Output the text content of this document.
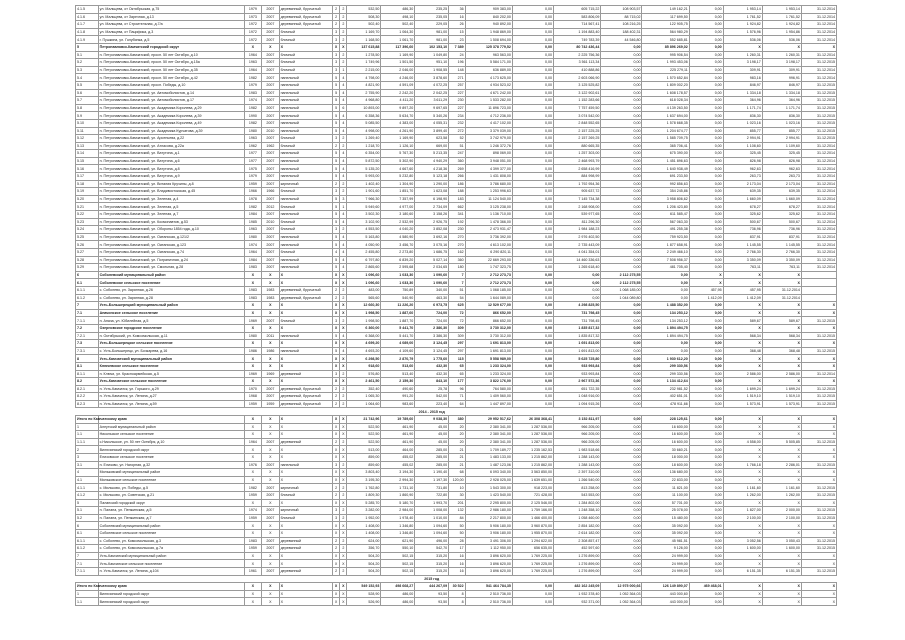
4.1.5	ул. Мальцева, от Октябрьская, д.75	1979	2007	деревянный, брусчатый	2	2	532,50	486,30	235,25	36	909 383,00	0,00	605 715,22	108 903,57	149 162,21	0,00	1 953,14	1 953,14	31.12.2014
4.1.6	ул. Мальцева, от Заречная, д.13	1973	2007	деревянный, брусчатый	2	2	508,30	498,10	235,05	16	840 202,00	0,00	583 806,09	88 715,02	117 699,50	0,00	1 761,52	1 761,52	31.12.2014
4.1.7	ул. Мальцева, от Строительная, д.7/а	1972	2007	деревянный, брусчатый	2	2	502,40	502,40	229,05	26	940 892,00	0,00	714 567,41	108 216,25	122 905,75	0,00	1 924,82	1 924,82	31.12.2014
4.1.8	ул. Мальцева, от Пацифика, д.3	1972	2007	блочный	3	2	1 169,70	1 064,30	981,00	15	1 948 869,00	0,00	1 194 883,40	188 402,31	564 980,29	0,00	1 576,96	1 954,86	31.12.2014
4.1.9	г. Пушкина, ул. Голубянка, д.5	1972	2007	блочный	3	2	1 168,50	1 061,70	981,00	23	1 508 694,00	0,00	749 783,39	44 546,80	552 685,81	0,00	536,06	536,06	31.12.2014
5	Петропавловск-Камчатский городской округ	X	X	X	X	X	137 615,88	117 396,60	102 153,10	7 389	125 378 779,52	0,00	80 742 436,44	0,00	85 896 269,02	0,00	X	X	X
5.1	п. Петропавловск-Камчатский, просп. 50 лет Октября, д.10	1964	2007	блочный	3	2	1 278,50	1 169,90	1 049,80	24	963 563,00	0,00	2 225 756,36	0,00	995 906,54	0,00	1 260,31	1 260,31	31.12.2014
5.2	п. Петропавловск-Камчатский, просп. 50 лет Октября, д.15а	1963	2007	блочный	3	2	1 749,96	1 501,50	951,10	196	5 584 171,00	0,00	3 561 113,34	0,00	1 993 453,06	0,00	3 198,17	3 198,17	31.12.2015
5.3	п. Петропавловск-Камчатский, просп. 50 лет Октября, д.35	1964	2007	блочный	3	1	2 215,00	2 046,00	1 908,55	148	636 889,00	0,00	410 888,86	0,00	225 279,11	0,00	309,91	309,91	31.12.2014
5.4	п. Петропавловск-Камчатский, просп. 50 лет Октября, д.42	1982	2007	панельный	5	4	4 798,00	4 246,00	3 878,60	271	4 173 625,00	0,00	2 603 066,90	0,00	1 570 652,84	0,00	983,16	996,91	31.12.2014
5.5	п. Петропавловск-Камчатский, просп. Победы, д.10	1979	2007	панельный	5	4	4 821,90	4 591,09	4 072,25	257	4 934 523,02	0,00	3 125 525,82	0,00	1 809 002,20	0,00	846,97	846,97	31.12.2015
5.6	п. Петропавловск-Камчатский, ул. Автомобилистов, д.14	1983	2007	панельный	5	4	2 755,90	2 242,20	2 042,25	227	4 671 242,00	0,00	3 122 902,61	0,00	1 608 178,57	0,00	1 334,18	1 334,18	31.12.2015
5.7	п. Петропавловск-Камчатский, ул. Автомобилистов, д.17	1974	2007	панельный	5	4	4 968,80	4 411,20	3 611,29	230	1 533 282,00	0,00	1 152 283,66	0,00	618 028,34	0,00	364,96	364,96	31.12.2015
5.8	п. Петропавловск-Камчатский, ул. Академика Королева, д.29	1982	2007	панельный	5	6	10 893,00	9 897,20	9 697,65	227	11 896 723,00	0,00	7 757 459,50	0,00	4 139 263,50	0,00	1 171,74	1 171,74	31.12.2015
5.9	п. Петропавловск-Камчатский, ул. Академика Королева, д.39	1990	2007	панельный	5	4	6 358,36	5 634,70	5 340,26	234	4 712 236,00	0,00	3 074 542,00	0,00	1 637 694,00	0,00	836,30	836,30	31.12.2015
5.10	п. Петропавловск-Камчатский, ул. Академика Королева, д.49	1982	2007	панельный	5	4	5 085,50	4 383,00	4 055,31	232	4 417 102,00	0,00	2 848 552,65	0,00	1 578 668,35	0,00	1 023,16	1 023,16	31.12.2015
5.11	п. Петропавловск-Камчатский, ул. Академика Курчатова, д.39	1980	2010	панельный	5	4	4 998,00	4 261,90	3 899,40	272	3 379 039,00	0,00	2 157 225,25	0,00	1 204 674,77	0,00	855,77	855,77	31.12.2015
5.12	п. Петропавловск-Камчатский, ул. Арсеньева, д.22	1963	2007	блочный	3	2	1 269,40	1 169,90	623,58	52	3 742 979,00	0,00	2 157 269,25	0,00	1 585 709,75	0,00	2 994,91	2 994,91	31.12.2015
5.13	п. Петропавловск-Камчатский, ул. Атласова, д.22а	1962	1962	блочный	2	2	1 218,70	1 126,10	669,00	51	1 246 372,76	0,00	880 665,35	0,00	365 706,41	0,00	1 108,60	1 109,60	31.12.2014
5.14	п. Петропавловск-Камчатский, ул. Ватутина, д.1	1977	2007	панельный	5	4	6 354,00	5 767,30	5 213,35	247	898 069,00	0,00	1 257 303,00	0,00	675 390,00	0,00	325,45	325,45	31.12.2014
5.15	п. Петропавловск-Камчатский, ул. Ватутина, д.6	1977	2007	панельный	5	4	5 872,50	5 302,90	4 940,29	360	3 948 051,00	0,00	2 468 993,79	0,00	1 451 896,63	0,00	826,98	826,98	31.12.2014
5.16	п. Петропавловск-Камчатский, ул. Ватутина, д.8	1975	2007	панельный	5	4	5 135,20	4 667,60	4 218,36	269	4 399 377,00	0,00	2 658 416,99	0,00	1 640 938,49	0,00	962,63	962,63	31.12.2014
5.17	п. Петропавловск-Камчатский, ул. Ватутина, д.9	1979	2007	панельный	5	4	5 993,00	5 232,80	5 123,18	266	1 431 808,00	0,00	884 998,99	0,00	691 233,50	0,00	263,73	263,73	31.12.2014
5.18	п. Петропавловск-Камчатский, ул. Виталия Кручины, д.8	1959	2007	кирпичный	2	2	1 402,40	1 304,90	1 290,00	186	3 786 680,00	0,00	1 792 954,36	0,00	992 856,63	0,00	2 173,04	2 173,04	31.12.2014
5.19	п. Петропавловск-Камчатский, ул. Владивостокская, д.45	1966	1966	блочный	3	2	1 901,60	1 851,70	1 623,08	188	1 253 996,63	0,00	905 637,72	0,00	354 245,86	0,00	639,35	639,35	31.12.2014
5.20	п. Петропавловск-Камчатский, ул. Зеленая, д.4	1978	2007	панельный	5	3	7 966,30	7 357,99	6 198,90	183	11 124 540,00	0,00	7 145 734,38	0,00	3 958 806,62	0,00	1 660,09	1 660,09	31.12.2014
5.21	п. Петропавловск-Камчатский, ул. Зеленая, д.5	1982	2012	блочный	5	1	5 949,60	4 977,00	2 734,09	662	3 125 238,00	0,00	2 168 908,00	0,00	1 206 423,80	0,00	678,27	678,27	31.12.2014
5.22	п. Петропавловск-Камчатский, ул. Зеленая, д.7	1984	2007	панельный	5	4	3 502,30	3 180,60	3 158,26	341	1 136 710,00	0,00	539 977,65	0,00	611 585,47	0,00	325,62	325,62	31.12.2014
5.23	п. Петропавловск-Камчатский, ул. Космонавтов, д.53	1985	2010	блочный	5	4	3 102,90	2 532,99	2 926,75	192	1 478 366,00	0,00	811 296,30	0,00	567 063,30	0,00	500,67	500,67	31.12.2014
5.24	п. Петропавловск-Камчатский, ул. Обороны 1854 года, д.10	1963	2007	блочный	3	2	4 553,50	4 040,20	3 852,08	230	2 473 931,47	0,00	1 984 188,23	0,00	491 255,38	0,00	736,96	736,96	31.12.2014
5.25	п. Петропавловск-Камчатский, ул. Океанская, д.121/2	1980	2007	панельный	5	4	5 163,80	4 580,90	3 692,16	270	3 736 392,00	0,00	2 976 402,50	0,00	759 923,50	0,00	837,91	837,91	31.12.2014
5.26	п. Петропавловск-Камчатский, ул. Океанская, д.123	1974	2007	панельный	5	4	4 050,90	3 456,70	3 075,16	270	4 613 102,00	0,00	2 735 443,09	0,00	1 877 658,91	0,00	1 145,55	1 145,55	31.12.2014
5.27	п. Петропавловск-Камчатский, ул. Океанская, д.74	1964	2007	блочный	4	4	2 455,80	2 273,80	1 686,75	162	6 290 820,11	0,00	4 041 354,01	0,00	2 249 466,10	0,00	2 766,30	2 766,30	31.12.2014
5.28	п. Петропавловск-Камчатский, ул. Пограничная, д.24	1984	2007	панельный	5	4	6 797,80	6 839,20	5 027,14	360	22 669 293,00	0,00	14 460 336,63	0,00	7 508 956,37	0,00	3 350,09	3 350,09	31.12.2014
5.29	п. Петропавловск-Камчатский, ул. Смольная, д.28	1983	2007	панельный	5	4	2 865,60	2 595,68	2 034,65	180	1 747 323,75	0,00	1 265 618,40	0,00	481 705,40	0,00	763,11	763,11	31.12.2014
6	Соболевский муниципальный район	X	X	X	X	X	1 096,60	1 033,30	1 090,60	7	2 712 273,73	0,00	0,00	2 112 275,55	0,00	X	X	X	
6.1	Соболевское сельское поселение	X	X	X	X	X	1 096,60	1 033,30	1 090,60	7	2 712 273,73	0,00	0,00	2 112 275,55	0,00	X	X	X	
6.1.1	с. Соболево, ул. Зарянная, д.26	1983	1983	деревянный, брусчатый	2	2	483,00	750,89	340,00	51	1 068 185,00	0,00	0,00	1 068 185,00	0,00	457,95	457,95	31.12.2014	
6.1.2	с. Соболево, ул. Зарянная, д.28	1983	1983	деревянный, брусчатый	2	2	565,60	540,90	463,30	54	1 644 089,00	0,00	0,00	1 044 089,80	0,00	1 412,09	1 412,09	31.12.2014	
7	Усть-Большерецкий муниципальный район	X	X	X	X	X	12 660,30	11 226,20	6 973,75	625	12 529 677,00	0,00	4 298 825,50	0,00	1 488 352,00	0,00	X	X	X
7.1	Апачинское сельское поселение	X	X	X	X	X	1 998,50	1 887,60	724,00	72	866 652,00	0,00	731 798,45	0,00	134 253,12	0,00	X	X	X
7.1.1	п. Апача, ул. Юбилейная, д.5	1969	2007	блочный	3	2	1 998,50	1 887,70	724,00	72	866 652,00	0,00	731 798,45	0,00	134 253,12	0,00	589,67	589,67	31.12.2015
7.2	Озерновское городское поселение	X	X	X	X	X	6 360,00	5 441,70	2 386,30	309	3 730 312,00	0,00	1 835 817,32	0,00	1 894 494,75	0,00	X	X	X
7.2.1	п. Октябрьский, ул. Комсомольская, д.11	1980	2011	панельный	5	4	6 368,00	5 441,70	3 386,30	309	3 730 312,00	0,00	1 835 817,32	0,00	1 894 494,75	0,00	568,34	568,34	31.12.2015
7.3	Усть-Большерецкое сельское поселение	X	X	X	X	X	4 699,20	4 089,00	3 124,45	297	1 691 813,00	0,00	1 691 813,00	0,00	0,00	0,00	X	X	X
7.3.1	с. Усть-Большерецк, ул. Бочкарева, д.16	1986	1986	панельный	5	4	4 693,20	4 109,60	3 124,45	297	1 691 813,00	0,00	1 691 813,00	0,00	0,00	0,00	368,48	368,48	31.12.2015
8	Усть-Камчатский муниципальный район	X	X	X	X	X	6 298,50	2 870,79	1 775,60	115	5 558 989,00	0,00	5 625 725,80	0,00	1 930 612,20	0,00	X	X	X
8.1	Ключевское сельское поселение	X	X	X	X	X	918,60	513,60	432,30	65	1 233 324,00	0,00	933 993,84	0,00	299 330,56	0,00	X	X	X
8.1.1	п. Ключи, ул. Красноармейская, д.5	1969	1969	деревянный	3	2	576,80	513,40	432,30	65	1 233 324,00	0,00	933 993,84	0,00	299 330,56	0,00	2 586,00	2 586,00	31.12.2014
8.2	Усть-Камчатское сельское поселение	X	X	X	X	X	2 461,50	2 159,30	843,10	177	3 822 176,00	0,00	2 967 572,36	0,00	1 134 412,64	0,00	X	X	X
8.2.1	п. Усть-Камчатск, ул. Горького, д.29	1970	2007	деревянный, брусчатый	2	2	352,40	490,60	25,78	96	764 580,00	0,00	651 722,35	0,00	232 981,52	0,00	1 699,24	1 699,24	31.12.2015
8.2.2	п. Усть-Камчатск, ул. Ленина, д.27	1968	2007	деревянный, брусчатый	2	2	1 065,30	991,20	542,00	71	1 409 560,00	0,00	1 048 916,00	0,00	402 651,01	0,00	1 519,10	1 519,10	31.12.2015
8.2.3	п. Усть-Камчатск, ул. Ленина, д.59	1959	1959	деревянный, брусчатый	2	2	1 064,60	983,60	223,40	64	1 447 897,00	0,00	1 094 915,26	0,00	478 911,66	0,00	1 573,91	1 573,91	31.12.2015
									2014 - 2015 год										
Итого по Камчатскому краю		X	X	X	X	X	21 742,96	19 789,60	9 038,30	380	29 952 517,62	26 308 368,41	3 152 811,97	0,00	228 125,61	0,00	X	X	X
1	Алеутский муниципальный район	X	X	X	X	X	522,50	461,90	45,00	20	2 380 341,00	1 287 536,00	966 205,00	0,00	16 600,00	0,00	X	X	X
1.1	Никольское сельское поселение	X	X	X	X	X	522,50	461,90	45,00	20	2 380 341,00	1 287 536,00	966 205,00	0,00	16 600,00	0,00	X	X	X
1.1.1	с.Никольское, ул. 50 лет Октября, д.10	1964	2007	деревянный	2	2	522,50	461,90	45,00	20	2 380 341,00	1 287 536,00	966 205,00	0,00	16 600,00	0,00	4 558,00	5 505,85	31.12.2015
2	Вилючинский городской округ	X	X	X	X	X	513,00	464,00	285,00	21	1 709 189,77	1 235 162,53	1 983 518,66	0,00	30 660,21	0,00	X	X	X
3	Елизовское сельское поселение	X	X	X	X	X	859,00	455,02	285,00	21	1 483 133,00	1 215 862,00	1 288 143,00	0,00	18 000,00	0,00	X	X	X
3.1	п. Елизово, ул. Нагорная, д.32	1976	2007	панельный	3	2	859,60	455,02	285,00	21	1 487 123,06	1 215 862,00	1 288 143,00	0,00	18 600,00	0,00	1 766,18	2 286,01	31.12.2015
4	Мильковский муниципальный район	X	X	X	X	X	3 803,40	3 194,30	1 190,40	68	6 093 340,00	3 563 850,00	2 397 310,00	0,00	136 680,00	0,00	X	X	X
4.1	Мильковское сельское поселение	X	X	X	X	X	3 195,30	2 994,30	1 197,30	120,00	2 928 025,00	1 639 651,00	1 266 540,00	0,00	22 833,00	0,00	X	X	X
4.1.1	с. Мильково, ул. Победы, д.5	1982	2007	кирпичный	2	2	1 762,80	1 731,10	731,80	10	1 543 300,00	918 223,00	813 258,00	0,00	11 821,00	0,00	1 161,60	1 161,60	31.12.2015
4.1.2	с. Мильково, ул. Советская, д.21	1959	2007	блочный	2	2	1 809,30	1 860,90	722,80	30	1 423 540,00	721 428,00	543 553,00	0,00	11 100,00	0,00	1 262,00	1 262,00	31.12.2015
5	Паланский городской округ	X	X	X	X	X	5 285,70	5 180,70	1 993,70	201	2 295 800,00	2 125 546,00	1 284 802,00	0,00	57 701,00	0,00	X	X	X
5.1	п. Палана, ул. Пенжинская, д.5	1974	2007	кирпичный	3	2	3 282,00	2 984,00	1 008,00	132	2 986 180,00	1 759 166,00	1 248 358,10	0,00	25 078,00	0,00	1 827,00	2 000,00	31.12.2015
5.2	п. Палана, ул. Пенжинская, д.7	1959	2007	блочный	3	2	1 952,00	1 978,40	1 010,00	84	2 217 800,00	1 466 400,00	1 058 460,00	0,00	15 480,00	0,00	2 100,00	2 100,00	31.12.2015
6	Соболевский муниципальный район	X	X	X	X	X	1 408,00	1 346,80	1 094,60	50	5 906 180,00	3 960 870,00	2 854 182,00	0,00	35 092,00	0,00	X	X	X
6.1	Соболевское сельское поселение	X	X	X	X	X	1 408,00	1 346,80	1 094,60	50	3 906 180,00	1 955 870,00	2 614 182,00	0,00	35 092,00	0,00	X	X	X
6.1.1	с. Соболево, ул. Комсомольская, д.3	1983	2007	деревянный	2	2	624,00	621,90	496,00	28	3 491 306,00	1 294 622,00	2 308 857,47	0,00	45 981,51	0,00	3 052,56	3 050,43	31.12.2015
6.1.2	с. Соболево, ул. Комсомольская, д.7а	1959	2007	деревянный	2	2	356,70	550,10	542,70	17	1 112 950,00	656 635,00	452 597,60	0,00	9 126,00	0,00	1 600,00	1 600,00	31.12.2015
7	Усть-Камчатский муниципальный район	X	X	X	X	X	504,20	502,15	315,20	16	3 896 620,00	1 769 225,00	1 276 899,00	0,00	24 999,00	0,00	X	X	X
7.1	Усть-Камчатское сельское поселение	X	X	X	X	X	504,20	502,15	315,20	16	3 896 620,00	1 769 225,00	1 276 899,00	0,00	24 999,00	0,00	X	X	X
7.1.1	п. Усть-Камчатск, ул. Ленина, д.104	1961	2007	деревянный	2	2	504,20	502,15	315,20	16	3 896 620,00	1 769 225,00	1 276 899,00	0,00	24 999,00	0,00	6 151,35	6 151,35	31.12.2015
									2015 год										
Итого по Камчатскому краю		X	X	X	X	X	549 152,93	498 668,27	444 267,09	30 522	541 464 784,35	0,00	482 162 245,09	12 975 000,66	126 149 890,07	469 468,01	X	X	X
1	Вилючинский городской округ	X	X	X	X	X	528,90	486,00	93,50	8	2 510 736,00	0,00	1 932 378,40	1 052 364,03	443 000,60	0,00	X	X	X
1.1	Вилючинский городской округ	X	X	X	X	X	526,90	486,00	93,50	8	2 510 736,00	0,00	932 371,00	1 052 364,03	443 000,00	0,00	X	X	X
